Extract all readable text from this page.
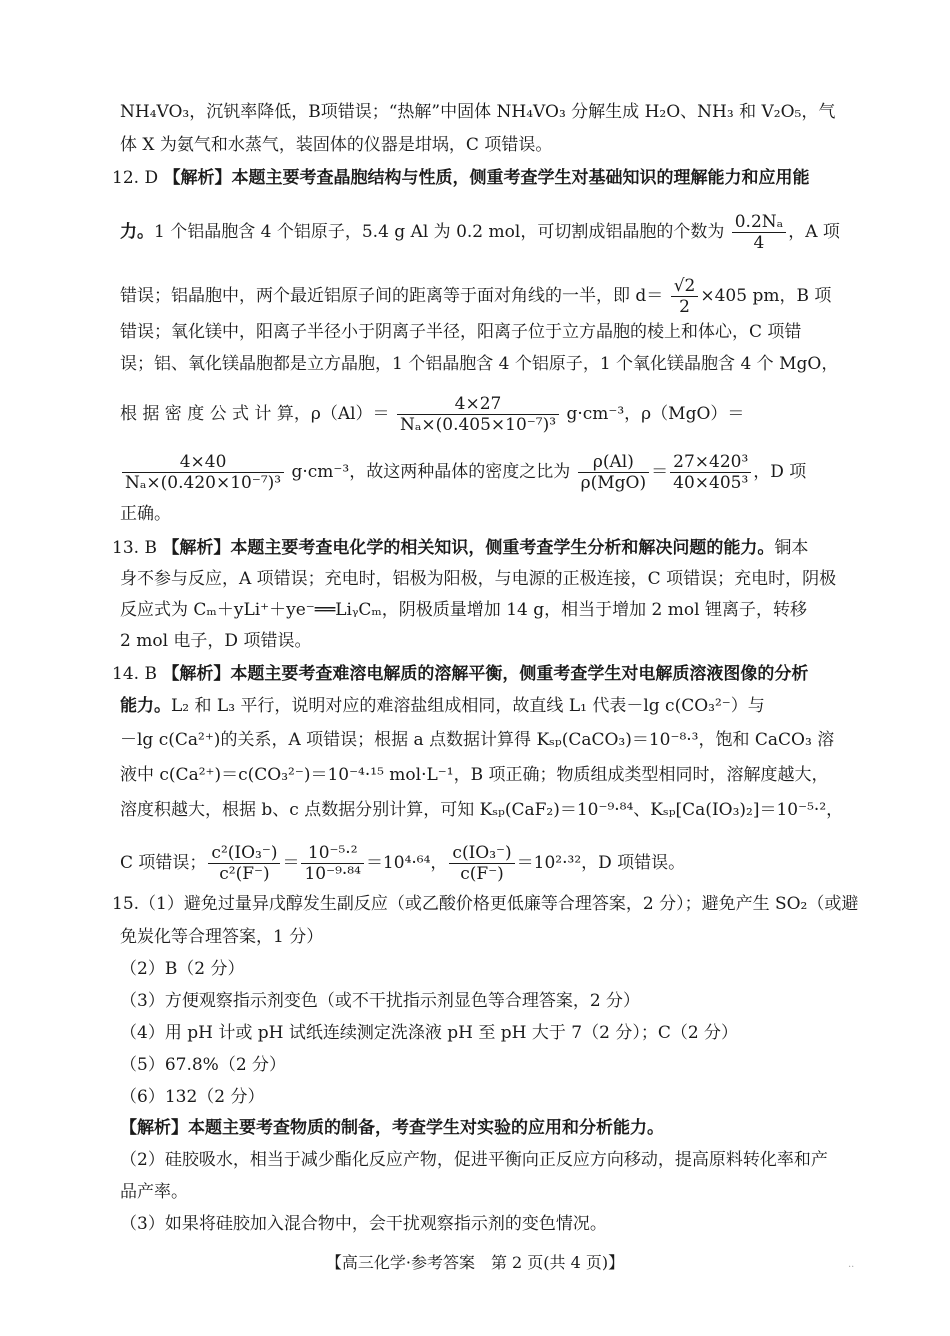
NH₄VO₃，沉钒率降低，B项错误；“热解”中固体 NH₄VO₃ 分解生成 H₂O、NH₃ 和 V₂O₅，气
体 X 为氨气和水蒸气，装固体的仪器是坩埚，C 项错误。
12. D 【解析】本题主要考查晶胞结构与性质，侧重考查学生对基础知识的理解能力和应用能
力。1 个铝晶胞含 4 个铝原子，5.4 g Al 为 0.2 mol，可切割成铝晶胞的个数为 $\frac{\text{0.2Nₐ}}{4}$ ，A 项
错误；铝晶胞中，两个最近铝原子间的距离等于面对角线的一半，即 $d= \frac{√2}{2} \times 405$ pm，B 项
错误；氧化镁中，阳离子半径小于阴离子半径，阳离子位于立方晶胞的棱上和体心，C 项错
误；铝、氧化镁晶胞都是立方晶胞，1 个铝晶胞含 4 个铝原子，1 个氧化镁晶胞含 4 个 MgO，
根 据 密 度 公 式 计 算，$\rho(Al)= \frac{4\times 27}{\text{Nₐ×(0.405×10⁻⁷)³}} g\cdot cm^{-3}$，ρ（MgO）＝
$\frac{4\times 40}{\text{Nₐ×(0.420×10⁻⁷)³}} g\cdot cm^{-3}$，故这两种晶体的密度之比为 $\frac{\rho(Al)}{\text{ρ(MgO)}} = \frac{\text{27×420³}}{\text{40×405³}}$ ，D 项
正确。
13. B 【解析】本题主要考查电化学的相关知识，侧重考查学生分析和解决问题的能力。铜本
身不参与反应，A 项错误；充电时，铝极为阳极，与电源的正极连接，C 项错误；充电时，阴极
反应式为 Cₘ＋yLi⁺＋ye⁻══LiᵧCₘ，阴极质量增加 14 g，相当于增加 2 mol 锂离子，转移
2 mol 电子，D 项错误。
14. B 【解析】本题主要考查难溶电解质的溶解平衡，侧重考查学生对电解质溶液图像的分析
能力。L₂ 和 L₃ 平行，说明对应的难溶盐组成相同，故直线 L₁ 代表－lg c(CO₃²⁻）与
－lg c(Ca²⁺)的关系，A 项错误；根据 a 点数据计算得 Kₛₚ(CaCO₃)＝10⁻⁸·³，饱和 CaCO₃ 溶
液中 c(Ca²⁺)＝c(CO₃²⁻)＝10⁻⁴·¹⁵ mol·L⁻¹，B 项正确；物质组成类型相同时，溶解度越大，
溶度积越大，根据 b、c 点数据分别计算，可知 Kₛₚ(CaF₂)＝10⁻⁹·⁸⁴、Kₛₚ[Ca(IO₃)₂]＝10⁻⁵·²，
C 项错误； $\frac{\text{c²(IO₃⁻)}}{\text{c²(F⁻)}} = \frac{\text{10⁻⁵·²}}{\text{10⁻⁹·⁸⁴}} =10^4\cdot^{64}$， $\frac{\text{c(IO₃⁻)}}{c(F^-)} =10^2\cdot^{32}$，D 项错误。
15.（1）避免过量异戊醇发生副反应（或乙酸价格更低廉等合理答案，2 分）；避免产生 SO₂（或避
免炭化等合理答案，1 分）
（2）B（2 分）
（3）方便观察指示剂变色（或不干扰指示剂显色等合理答案，2 分）
（4）用 pH 计或 pH 试纸连续测定洗涤液 pH 至 pH 大于 7（2 分）；C（2 分）
（5）67.8%（2 分）
（6）132（2 分）
【解析】本题主要考查物质的制备，考查学生对实验的应用和分析能力。
（2）硅胶吸水，相当于减少酯化反应产物，促进平衡向正反应方向移动，提高原料转化率和产
品产率。
（3）如果将硅胶加入混合物中，会干扰观察指示剂的变色情况。
【高三化学·参考答案　第 2 页(共 4 页)】	··
